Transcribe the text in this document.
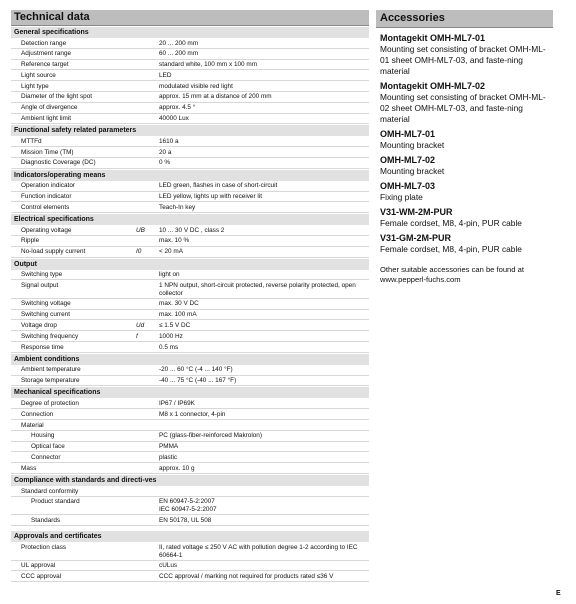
Technical data
General specifications
Detection range	20 ... 200 mm
Adjustment range	60 ... 200 mm
Reference target	standard white, 100 mm x 100 mm
Light source	LED
Light type	modulated visible red light
Diameter of the light spot	approx. 15 mm at a distance of 200 mm
Angle of divergence	approx. 4.5 °
Ambient light limit	40000 Lux
Functional safety related parameters
MTTFd	1610 a
Mission Time (TM)	20 a
Diagnostic Coverage (DC)	0 %
Indicators/operating means
Operation indicator	LED green, flashes in case of short-circuit
Function indicator	LED yellow, lights up with receiver lit
Control elements	Teach-In key
Electrical specifications
Operating voltage	UB	10 ... 30 V DC , class 2
Ripple	max. 10 %
No-load supply current	I0	< 20 mA
Output
Switching type	light on
Signal output	1 NPN output, short-circuit protected, reverse polarity protected, open collector
Switching voltage	max. 30 V DC
Switching current	max. 100 mA
Voltage drop	Ud	≤ 1.5 V DC
Switching frequency	f	1000 Hz
Response time	0.5 ms
Ambient conditions
Ambient temperature	-20 ... 60 °C (-4 ... 140 °F)
Storage temperature	-40 ... 75 °C (-40 ... 167 °F)
Mechanical specifications
Degree of protection	IP67 / IP69K
Connection	M8 x 1 connector, 4-pin
Material
Housing	PC (glass-fiber-reinforced Makrolon)
Optical face	PMMA
Connector	plastic
Mass	approx. 10 g
Compliance with standards and directi-ves
Standard conformity
Product standard	EN 60947-5-2:2007
IEC 60947-5-2:2007
Standards	EN 50178, UL 508
Approvals and certificates
Protection class	II, rated voltage ≤ 250 V AC with pollution degree 1-2 according to IEC 60664-1
UL approval	cULus
CCC approval	CCC approval / marking not required for products rated ≤36 V
Accessories
Montagekit OMH-ML7-01
Mounting set consisting of bracket OMH-ML-01 sheet OMH-ML7-03, and faste-ning material
Montagekit OMH-ML7-02
Mounting set consisting of bracket OMH-ML-02 sheet OMH-ML7-03, and faste-ning material
OMH-ML7-01
Mounting bracket
OMH-ML7-02
Mounting bracket
OMH-ML7-03
Fixing plate
V31-WM-2M-PUR
Female cordset, M8, 4-pin, PUR cable
V31-GM-2M-PUR
Female cordset, M8, 4-pin, PUR cable
Other suitable accessories can be found at www.pepperl-fuchs.com
E
